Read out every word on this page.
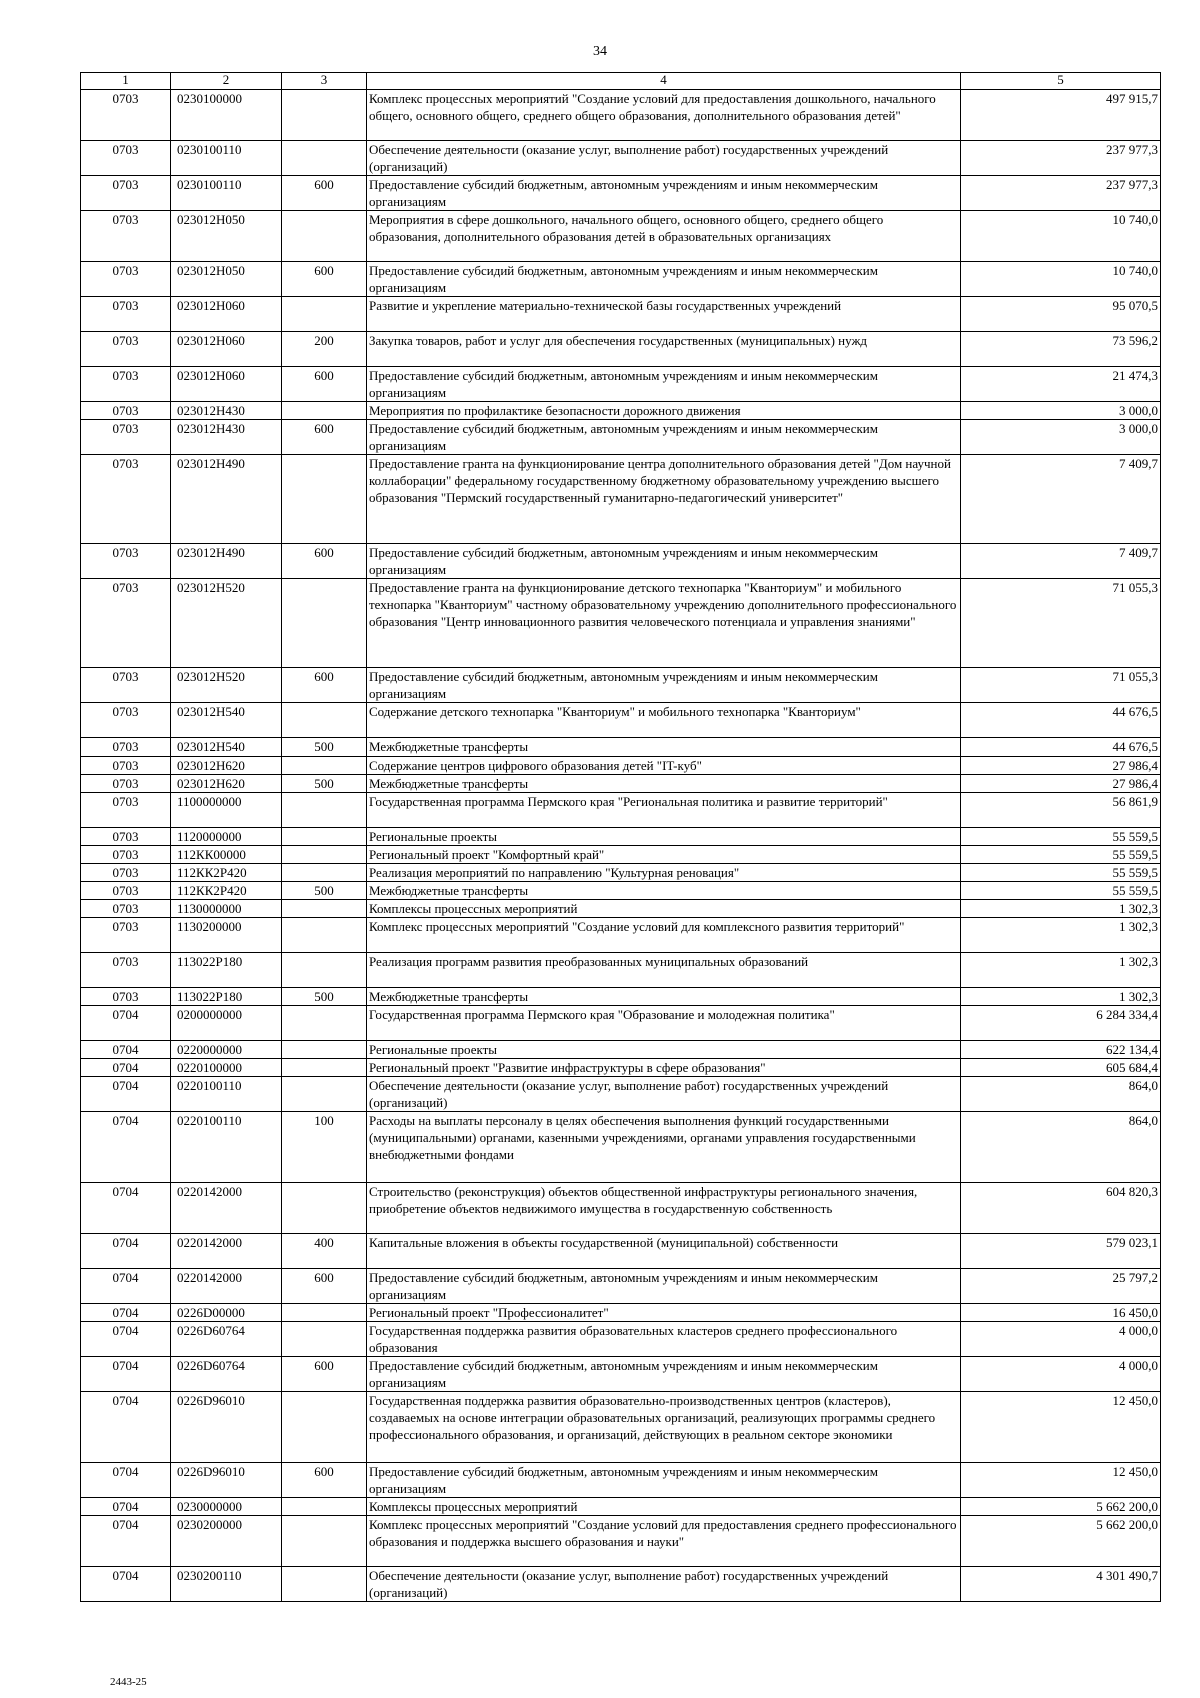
34
1	2	3	4	5
0703	0230100000		Комплекс процессных мероприятий "Создание условий для предоставления дошкольного, начального общего, основного общего, среднего общего образования, дополнительного образования детей"	497 915,7
0703	0230100110		Обеспечение деятельности (оказание услуг, выполнение работ) государственных учреждений (организаций)	237 977,3
0703	0230100110	600	Предоставление субсидий бюджетным, автономным учреждениям и иным некоммерческим организациям	237 977,3
0703	023012Н050		Мероприятия в сфере дошкольного, начального общего, основного общего, среднего общего образования, дополнительного образования детей в образовательных организациях	10 740,0
0703	023012Н050	600	Предоставление субсидий бюджетным, автономным учреждениям и иным некоммерческим организациям	10 740,0
0703	023012Н060		Развитие и укрепление материально-технической базы государственных учреждений	95 070,5
0703	023012Н060	200	Закупка товаров, работ и услуг для обеспечения государственных (муниципальных) нужд	73 596,2
0703	023012Н060	600	Предоставление субсидий бюджетным, автономным учреждениям и иным некоммерческим организациям	21 474,3
0703	023012Н430		Мероприятия по профилактике безопасности дорожного движения	3 000,0
0703	023012Н430	600	Предоставление субсидий бюджетным, автономным учреждениям и иным некоммерческим организациям	3 000,0
0703	023012Н490		Предоставление гранта на функционирование центра дополнительного образования детей "Дом научной коллаборации" федеральному государственному бюджетному образовательному учреждению высшего образования "Пермский государственный гуманитарно-педагогический университет"	7 409,7
0703	023012Н490	600	Предоставление субсидий бюджетным, автономным учреждениям и иным некоммерческим организациям	7 409,7
0703	023012Н520		Предоставление гранта на функционирование детского технопарка "Кванториум" и мобильного технопарка "Кванториум" частному образовательному учреждению дополнительного профессионального образования "Центр инновационного развития человеческого потенциала и управления знаниями"	71 055,3
0703	023012Н520	600	Предоставление субсидий бюджетным, автономным учреждениям и иным некоммерческим организациям	71 055,3
0703	023012Н540		Содержание детского технопарка "Кванториум" и мобильного технопарка "Кванториум"	44 676,5
0703	023012Н540	500	Межбюджетные трансферты	44 676,5
0703	023012Н620		Содержание центров цифрового образования детей "IT-куб"	27 986,4
0703	023012Н620	500	Межбюджетные трансферты	27 986,4
0703	1100000000		Государственная программа Пермского края "Региональная политика и развитие территорий"	56 861,9
0703	1120000000		Региональные проекты	55 559,5
0703	112КК00000		Региональный проект "Комфортный край"	55 559,5
0703	112КК2Р420		Реализация мероприятий по направлению "Культурная реновация"	55 559,5
0703	112КК2Р420	500	Межбюджетные трансферты	55 559,5
0703	1130000000		Комплексы процессных мероприятий	1 302,3
0703	1130200000		Комплекс процессных мероприятий "Создание условий для комплексного развития территорий"	1 302,3
0703	113022Р180		Реализация программ развития преобразованных муниципальных образований	1 302,3
0703	113022Р180	500	Межбюджетные трансферты	1 302,3
0704	0200000000		Государственная программа Пермского края "Образование и молодежная политика"	6 284 334,4
0704	0220000000		Региональные проекты	622 134,4
0704	0220100000		Региональный проект "Развитие инфраструктуры в сфере образования"	605 684,4
0704	0220100110		Обеспечение деятельности (оказание услуг, выполнение работ) государственных учреждений (организаций)	864,0
0704	0220100110	100	Расходы на выплаты персоналу в целях обеспечения выполнения функций государственными (муниципальными) органами, казенными учреждениями, органами управления государственными внебюджетными фондами	864,0
0704	0220142000		Строительство (реконструкция) объектов общественной инфраструктуры регионального значения, приобретение объектов недвижимого имущества в государственную собственность	604 820,3
0704	0220142000	400	Капитальные вложения в объекты государственной (муниципальной) собственности	579 023,1
0704	0220142000	600	Предоставление субсидий бюджетным, автономным учреждениям и иным некоммерческим организациям	25 797,2
0704	0226D00000		Региональный проект "Профессионалитет"	16 450,0
0704	0226D60764		Государственная поддержка развития образовательных кластеров среднего профессионального образования	4 000,0
0704	0226D60764	600	Предоставление субсидий бюджетным, автономным учреждениям и иным некоммерческим организациям	4 000,0
0704	0226D96010		Государственная поддержка развития образовательно-производственных центров (кластеров), создаваемых на основе интеграции образовательных организаций, реализующих программы среднего профессионального образования, и организаций, действующих в реальном секторе экономики	12 450,0
0704	0226D96010	600	Предоставление субсидий бюджетным, автономным учреждениям и иным некоммерческим организациям	12 450,0
0704	0230000000		Комплексы процессных мероприятий	5 662 200,0
0704	0230200000		Комплекс процессных мероприятий "Создание условий для предоставления среднего профессионального образования и поддержка высшего образования и науки"	5 662 200,0
0704	0230200110		Обеспечение деятельности (оказание услуг, выполнение работ) государственных учреждений (организаций)	4 301 490,7
2443-25
